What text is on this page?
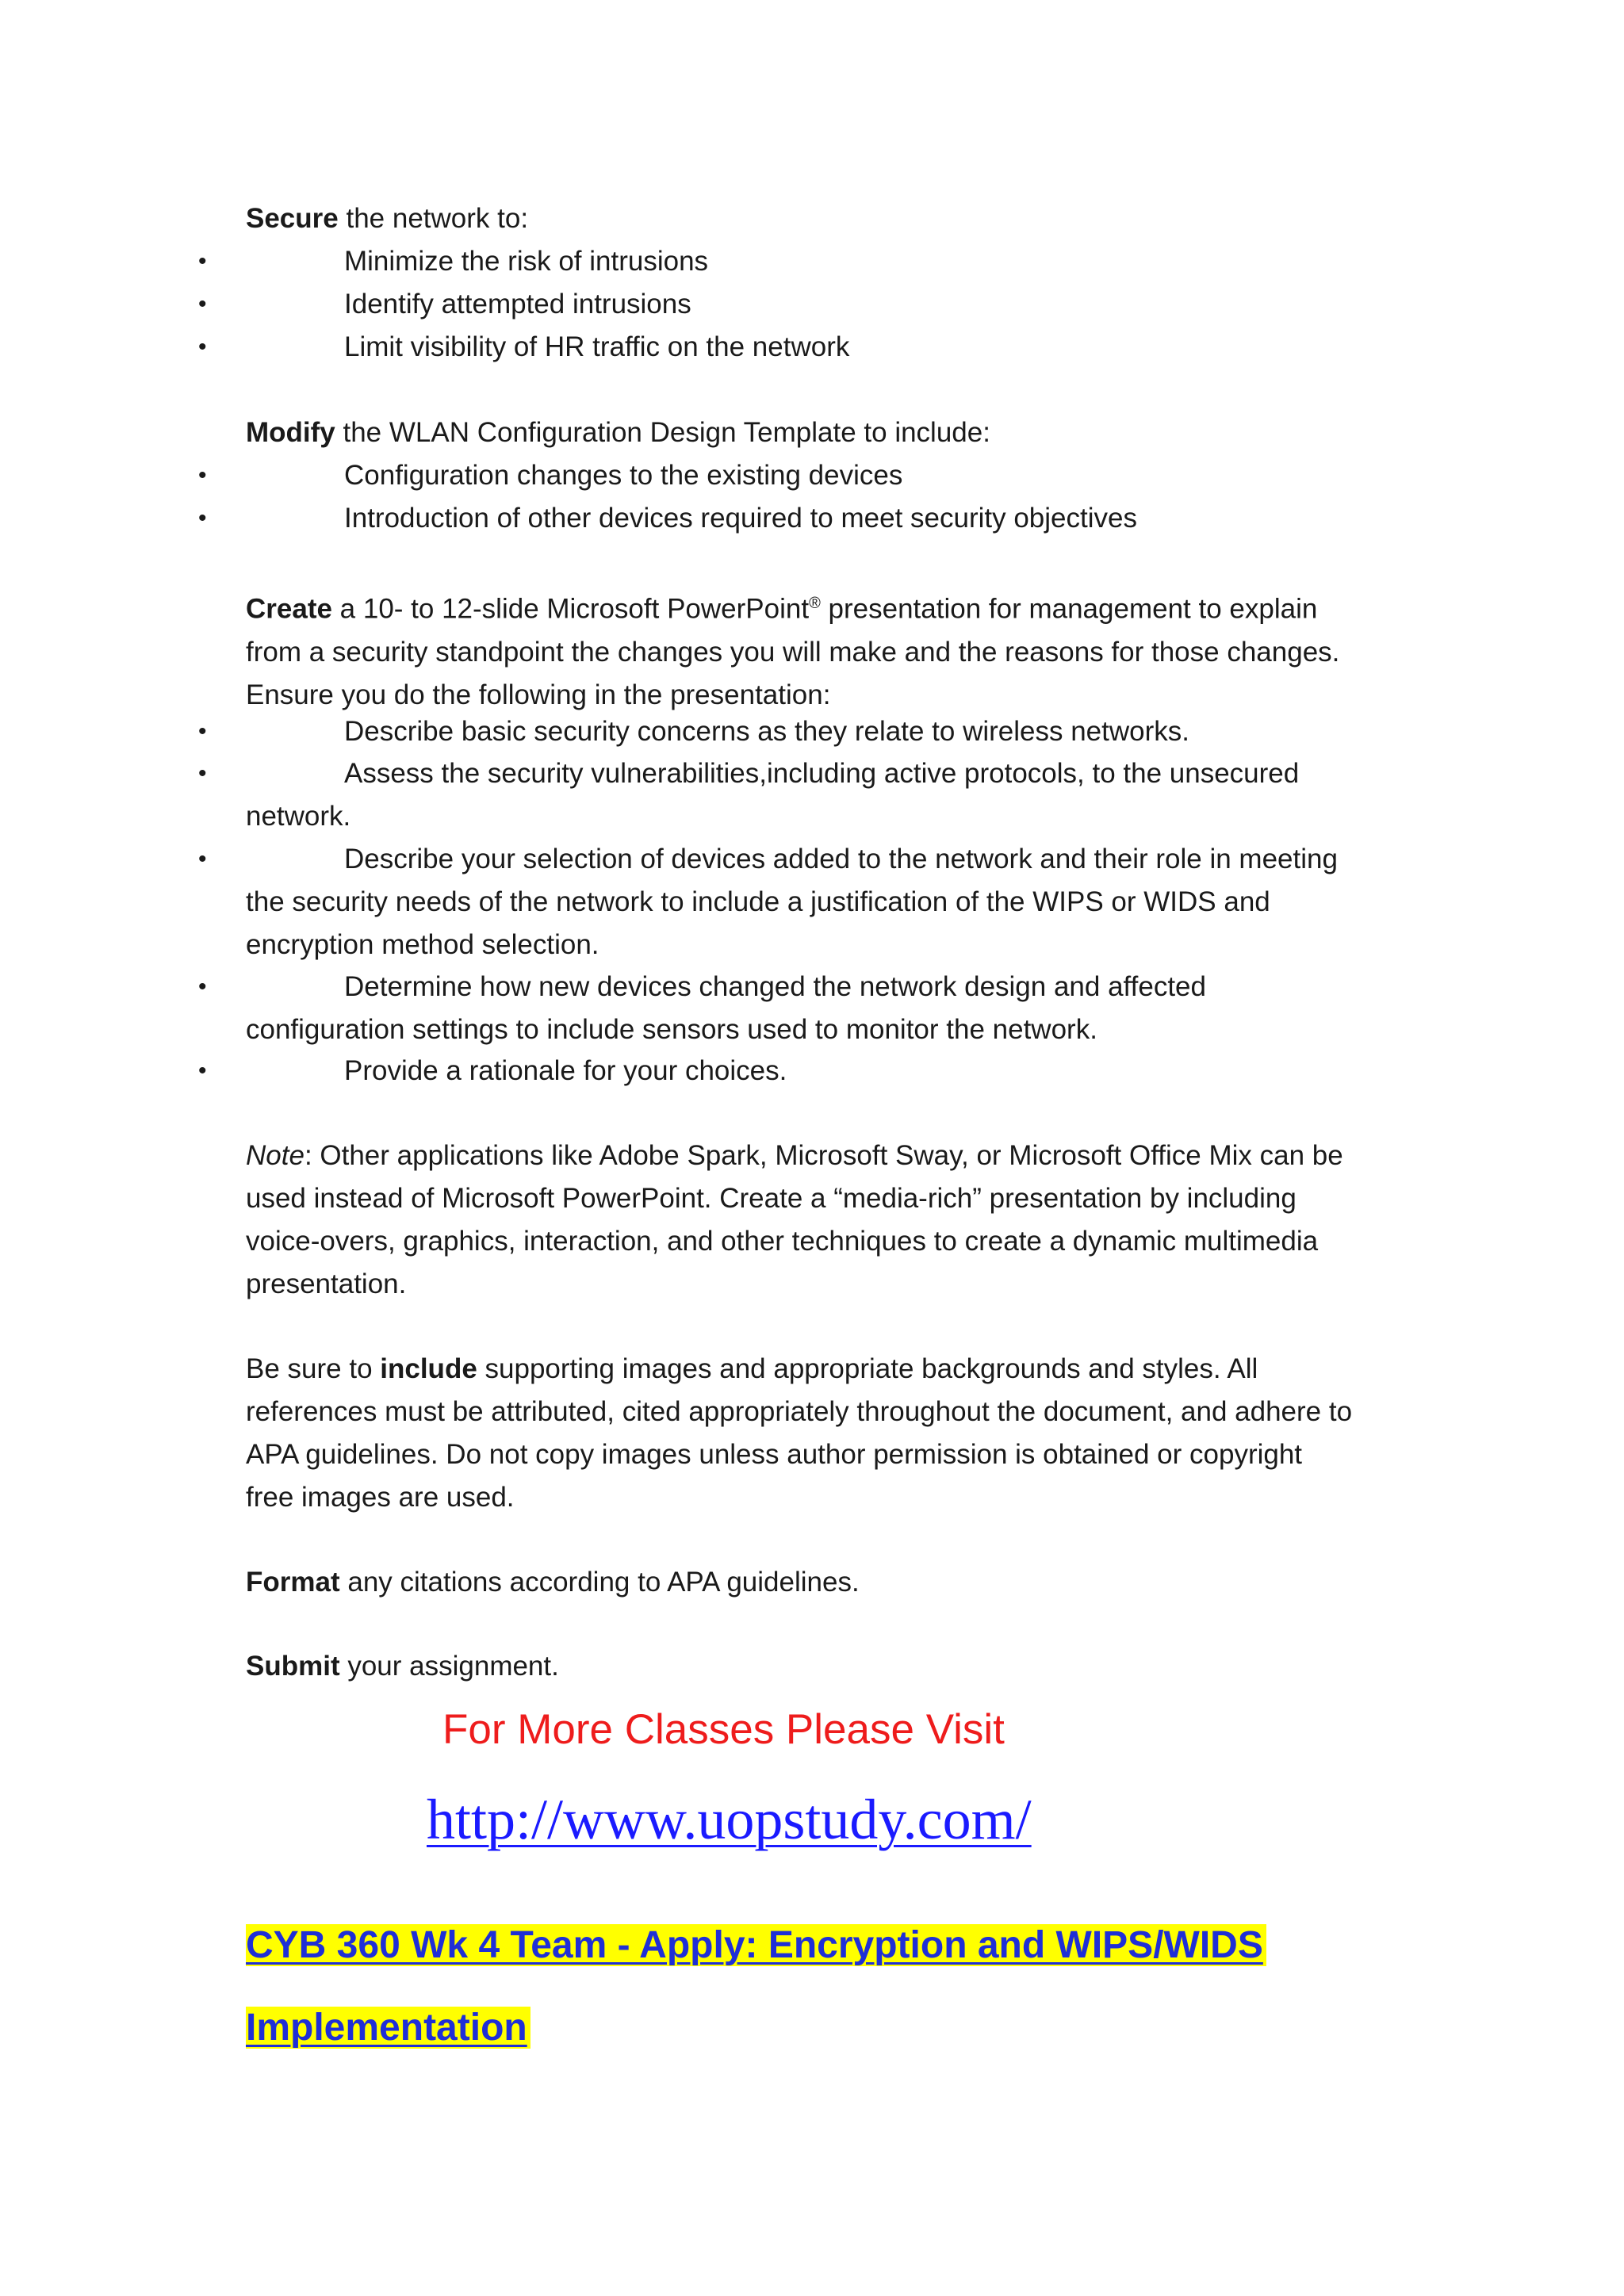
Secure the network to:

•	Minimize the risk of intrusions
•	Identify attempted intrusions
•	Limit visibility of HR traffic on the network

Modify the WLAN Configuration Design Template to include:

•	Configuration changes to the existing devices
•	Introduction of other devices required to meet security objectives

Create a 10- to 12-slide Microsoft PowerPoint® presentation for management to explain
from a security standpoint the changes you will make and the reasons for those changes.
Ensure you do the following in the presentation:

•	Describe basic security concerns as they relate to wireless networks.
•	Assess the security vulnerabilities,including active protocols, to the unsecured
network.
•	Describe your selection of devices added to the network and their role in meeting
the security needs of the network to include a justification of the WIPS or WIDS and
encryption method selection.
•	Determine how new devices changed the network design and affected
configuration settings to include sensors used to monitor the network.
•	Provide a rationale for your choices.

Note: Other applications like Adobe Spark, Microsoft Sway, or Microsoft Office Mix can be
used instead of Microsoft PowerPoint. Create a “media-rich” presentation by including
voice-overs, graphics, interaction, and other techniques to create a dynamic multimedia
presentation.

Be sure to include supporting images and appropriate backgrounds and styles. All
references must be attributed, cited appropriately throughout the document, and adhere to
APA guidelines. Do not copy images unless author permission is obtained or copyright
free images are used.

Format any citations according to APA guidelines.

Submit your assignment.

For More Classes Please Visit
http://www.uopstudy.com/
CYB 360 Wk 4 Team - Apply: Encryption and WIPS/WIDS
Implementation
